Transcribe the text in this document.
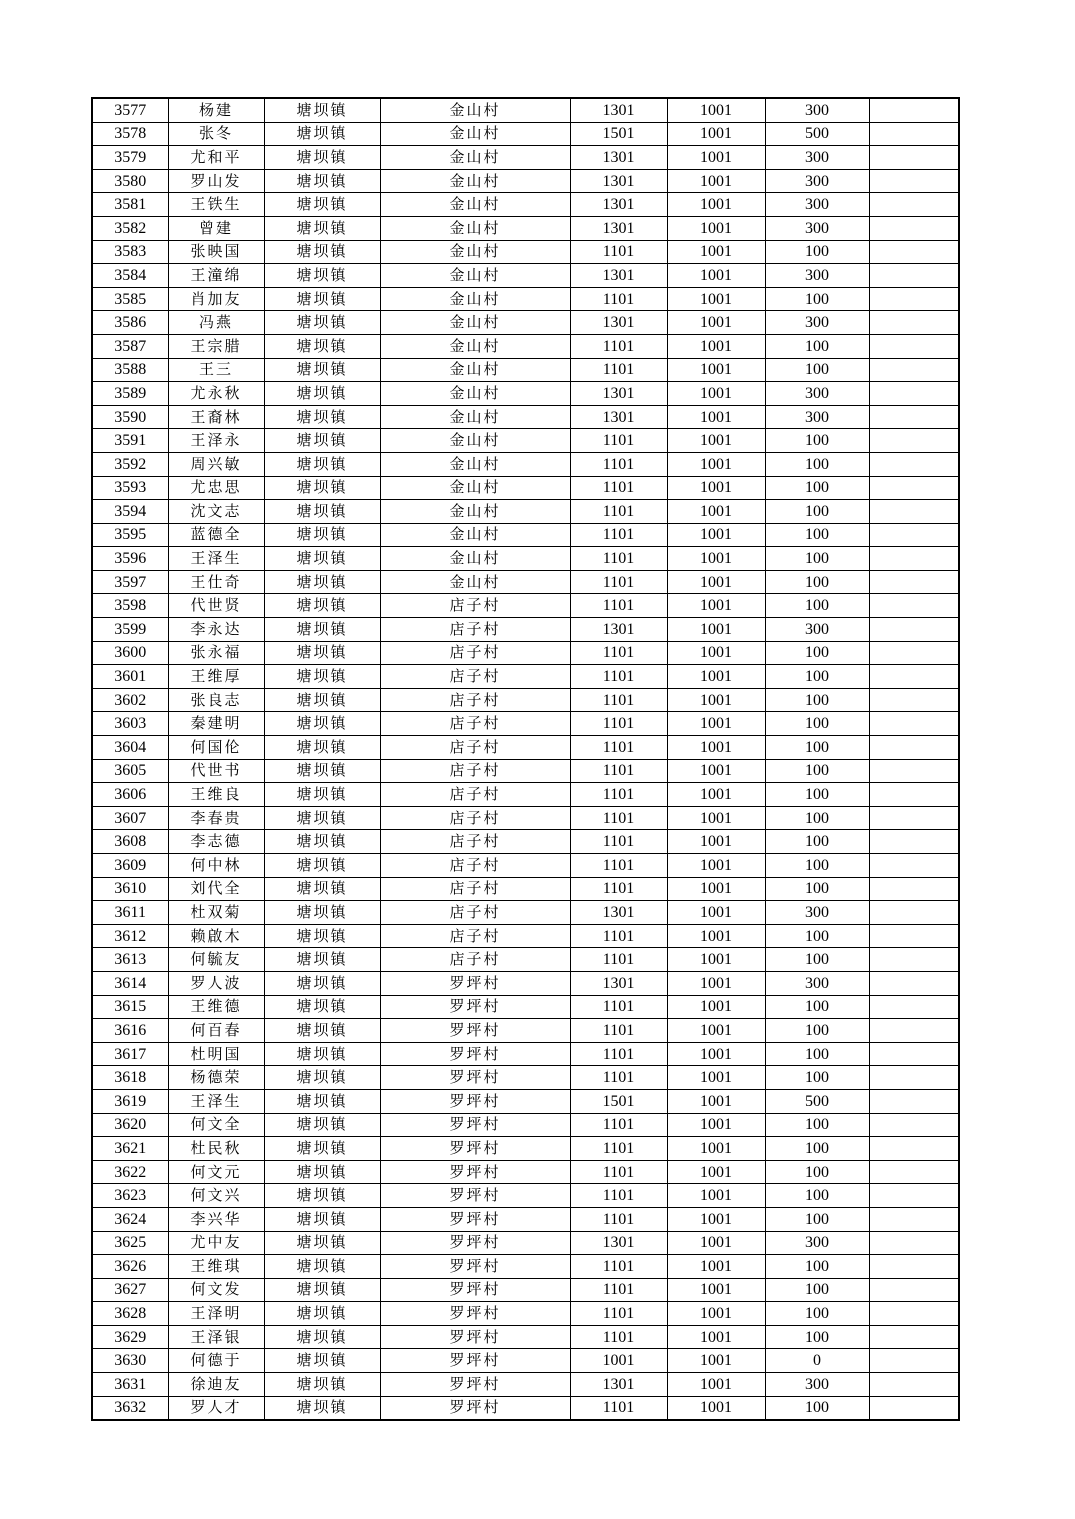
3577	杨建	塘坝镇	金山村	1301	1001	300	
3578	张冬	塘坝镇	金山村	1501	1001	500	
3579	尤和平	塘坝镇	金山村	1301	1001	300	
3580	罗山发	塘坝镇	金山村	1301	1001	300	
3581	王铁生	塘坝镇	金山村	1301	1001	300	
3582	曾建	塘坝镇	金山村	1301	1001	300	
3583	张映国	塘坝镇	金山村	1101	1001	100	
3584	王潼绵	塘坝镇	金山村	1301	1001	300	
3585	肖加友	塘坝镇	金山村	1101	1001	100	
3586	冯燕	塘坝镇	金山村	1301	1001	300	
3587	王宗腊	塘坝镇	金山村	1101	1001	100	
3588	王三	塘坝镇	金山村	1101	1001	100	
3589	尤永秋	塘坝镇	金山村	1301	1001	300	
3590	王裔林	塘坝镇	金山村	1301	1001	300	
3591	王泽永	塘坝镇	金山村	1101	1001	100	
3592	周兴敏	塘坝镇	金山村	1101	1001	100	
3593	尤忠思	塘坝镇	金山村	1101	1001	100	
3594	沈文志	塘坝镇	金山村	1101	1001	100	
3595	蓝德全	塘坝镇	金山村	1101	1001	100	
3596	王泽生	塘坝镇	金山村	1101	1001	100	
3597	王仕奇	塘坝镇	金山村	1101	1001	100	
3598	代世贤	塘坝镇	店子村	1101	1001	100	
3599	李永达	塘坝镇	店子村	1301	1001	300	
3600	张永福	塘坝镇	店子村	1101	1001	100	
3601	王维厚	塘坝镇	店子村	1101	1001	100	
3602	张良志	塘坝镇	店子村	1101	1001	100	
3603	秦建明	塘坝镇	店子村	1101	1001	100	
3604	何国伦	塘坝镇	店子村	1101	1001	100	
3605	代世书	塘坝镇	店子村	1101	1001	100	
3606	王维良	塘坝镇	店子村	1101	1001	100	
3607	李春贵	塘坝镇	店子村	1101	1001	100	
3608	李志德	塘坝镇	店子村	1101	1001	100	
3609	何中林	塘坝镇	店子村	1101	1001	100	
3610	刘代全	塘坝镇	店子村	1101	1001	100	
3611	杜双菊	塘坝镇	店子村	1301	1001	300	
3612	赖啟木	塘坝镇	店子村	1101	1001	100	
3613	何毓友	塘坝镇	店子村	1101	1001	100	
3614	罗人波	塘坝镇	罗坪村	1301	1001	300	
3615	王维德	塘坝镇	罗坪村	1101	1001	100	
3616	何百春	塘坝镇	罗坪村	1101	1001	100	
3617	杜明国	塘坝镇	罗坪村	1101	1001	100	
3618	杨德荣	塘坝镇	罗坪村	1101	1001	100	
3619	王泽生	塘坝镇	罗坪村	1501	1001	500	
3620	何文全	塘坝镇	罗坪村	1101	1001	100	
3621	杜民秋	塘坝镇	罗坪村	1101	1001	100	
3622	何文元	塘坝镇	罗坪村	1101	1001	100	
3623	何文兴	塘坝镇	罗坪村	1101	1001	100	
3624	李兴华	塘坝镇	罗坪村	1101	1001	100	
3625	尤中友	塘坝镇	罗坪村	1301	1001	300	
3626	王维琪	塘坝镇	罗坪村	1101	1001	100	
3627	何文发	塘坝镇	罗坪村	1101	1001	100	
3628	王泽明	塘坝镇	罗坪村	1101	1001	100	
3629	王泽银	塘坝镇	罗坪村	1101	1001	100	
3630	何德于	塘坝镇	罗坪村	1001	1001	0	
3631	徐迪友	塘坝镇	罗坪村	1301	1001	300	
3632	罗人才	塘坝镇	罗坪村	1101	1001	100	
